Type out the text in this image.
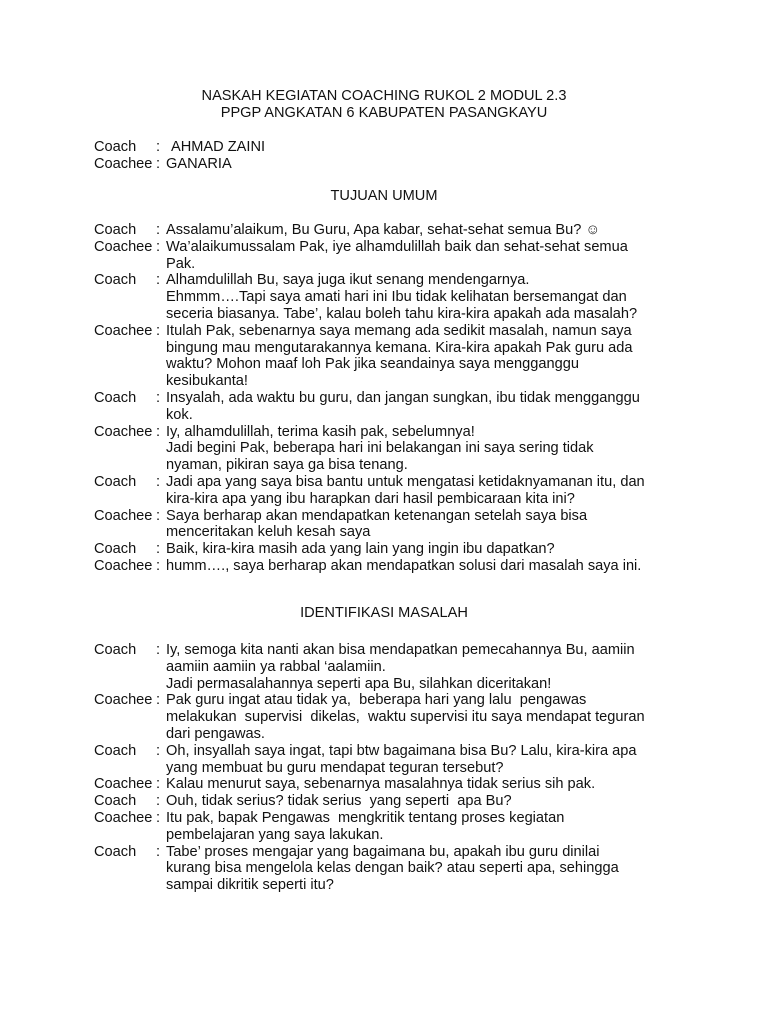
NASKAH KEGIATAN COACHING RUKOL 2 MODUL 2.3
PPGP ANGKATAN 6 KABUPATEN PASANGKAYU
Coach	: AHMAD ZAINI
Coachee : GANARIA
TUJUAN UMUM
Coach	: Assalamu’alaikum, Bu Guru, Apa kabar, sehat-sehat semua Bu? ☺
Coachee : Wa’alaikumussalam Pak, iye alhamdulillah baik dan sehat-sehat semua
Pak.
Coach	: Alhamdulillah Bu, saya juga ikut senang mendengarnya.
Ehmmm….Tapi saya amati hari ini Ibu tidak kelihatan bersemangat dan
seceria biasanya. Tabe’, kalau boleh tahu kira-kira apakah ada masalah?
Coachee : Itulah Pak, sebenarnya saya memang ada sedikit masalah, namun saya
bingung mau mengutarakannya kemana. Kira-kira apakah Pak guru ada
waktu? Mohon maaf loh Pak jika seandainya saya mengganggu
kesibukanta!
Coach	: Insyalah, ada waktu bu guru, dan jangan sungkan, ibu tidak mengganggu
kok.
Coachee : Iy, alhamdulillah, terima kasih pak, sebelumnya!
Jadi begini Pak, beberapa hari ini belakangan ini saya sering tidak
nyaman, pikiran saya ga bisa tenang.
Coach	: Jadi apa yang saya bisa bantu untuk mengatasi ketidaknyamanan itu, dan
kira-kira apa yang ibu harapkan dari hasil pembicaraan kita ini?
Coachee : Saya berharap akan mendapatkan ketenangan setelah saya bisa
menceritakan keluh kesah saya
Coach	: Baik, kira-kira masih ada yang lain yang ingin ibu dapatkan?
Coachee : humm…., saya berharap akan mendapatkan solusi dari masalah saya ini.
IDENTIFIKASI MASALAH
Coach	: Iy, semoga kita nanti akan bisa mendapatkan pemecahannya Bu, aamiin
aamiin aamiin ya rabbal ‘aalamiin.
Jadi permasalahannya seperti apa Bu, silahkan diceritakan!
Coachee : Pak guru ingat atau tidak ya,  beberapa hari yang lalu  pengawas
melakukan  supervisi  dikelas,  waktu supervisi itu saya mendapat teguran
dari pengawas.
Coach	: Oh, insyallah saya ingat, tapi btw bagaimana bisa Bu? Lalu, kira-kira apa
yang membuat bu guru mendapat teguran tersebut?
Coachee : Kalau menurut saya, sebenarnya masalahnya tidak serius sih pak.
Coach	: Ouh, tidak serius? tidak serius  yang seperti  apa Bu?
Coachee : Itu pak, bapak Pengawas  mengkritik tentang proses kegiatan
pembelajaran yang saya lakukan.
Coach	: Tabe’ proses mengajar yang bagaimana bu, apakah ibu guru dinilai
kurang bisa mengelola kelas dengan baik? atau seperti apa, sehingga
sampai dikritik seperti itu?
